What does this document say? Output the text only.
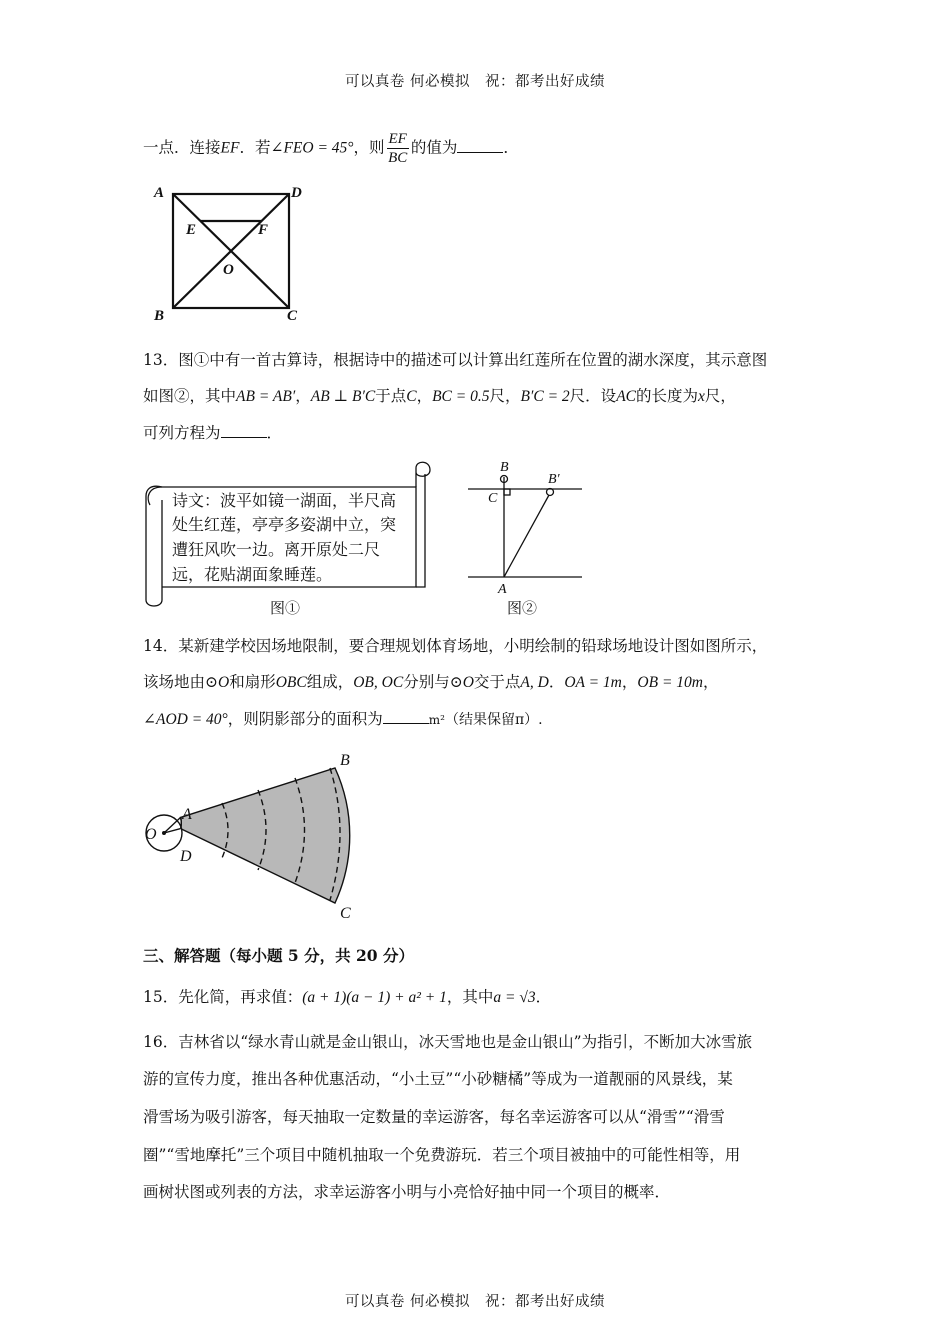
可以真卷 何必模拟　祝：都考出好成绩
一点．连接EF．若∠FEO = 45°，则 $\frac{EF}{BC}$ 的值为	．
A	D
E	F
O
B	C
13．图①中有一首古算诗，根据诗中的描述可以计算出红莲所在位置的湖水深度，其示意图
如图②，其中AB = AB′，AB ⊥ B′C于点C，BC = 0.5尺，B′C = 2尺．设AC的长度为x尺，
可列方程为	．
诗文：波平如镜一湖面，半尺高
处生红莲，亭亭多姿湖中立，突
遭狂风吹一边。离开原处二尺
远，花贴湖面象睡莲。
图①
B
B′
C
A
图②
14．某新建学校因场地限制，要合理规划体育场地，小明绘制的铅球场地设计图如图所示，
该场地由⊙O和扇形OBC组成，OB, OC分别与⊙O交于点A, D．OA = 1m，OB = 10m，
∠AOD = 40°，则阴影部分的面积为	m²（结果保留π）.
B
A
O
D
C
三、解答题（每小题 5 分，共 20 分）
15．先化简，再求值：(a + 1)(a − 1) + a² + 1，其中a = √3．
16．吉林省以“绿水青山就是金山银山，冰天雪地也是金山银山”为指引，不断加大冰雪旅
游的宣传力度，推出各种优惠活动，“小土豆”“小砂糖橘”等成为一道靓丽的风景线，某
滑雪场为吸引游客，每天抽取一定数量的幸运游客，每名幸运游客可以从“滑雪”“滑雪
圈”“雪地摩托”三个项目中随机抽取一个免费游玩．若三个项目被抽中的可能性相等，用
画树状图或列表的方法，求幸运游客小明与小亮恰好抽中同一个项目的概率．
可以真卷 何必模拟　祝：都考出好成绩
